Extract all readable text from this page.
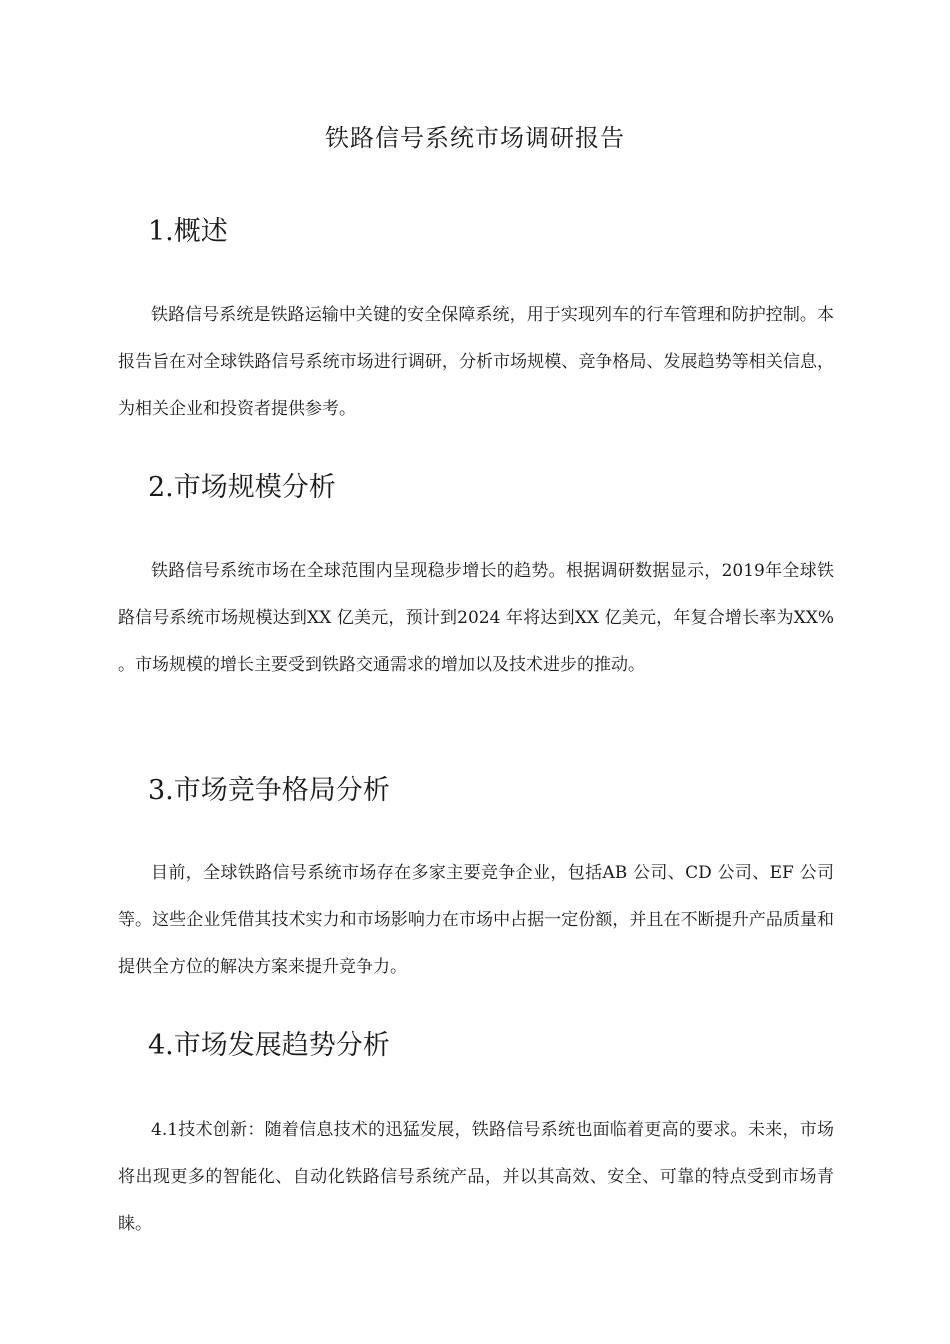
铁路信号系统市场调研报告
1.概述

铁路信号系统是铁路运输中关键的安全保障系统，用于实现列车的行车管理和防护控制。本报告旨在对全球铁路信号系统市场进行调研，分析市场规模、竞争格局、发展趋势等相关信息，为相关企业和投资者提供参考。

2.市场规模分析

铁路信号系统市场在全球范围内呈现稳步增长的趋势。根据调研数据显示，2019年全球铁路信号系统市场规模达到XX 亿美元，预计到2024 年将达到XX 亿美元，年复合增长率为XX% 。市场规模的增长主要受到铁路交通需求的增加以及技术进步的推动。

3.市场竞争格局分析

目前，全球铁路信号系统市场存在多家主要竞争企业，包括AB 公司、CD 公司、EF 公司等。这些企业凭借其技术实力和市场影响力在市场中占据一定份额，并且在不断提升产品质量和提供全方位的解决方案来提升竞争力。

4.市场发展趋势分析

4.1技术创新：随着信息技术的迅猛发展，铁路信号系统也面临着更高的要求。未来，市场将出现更多的智能化、自动化铁路信号系统产品，并以其高效、安全、可靠的特点受到市场青睐。
